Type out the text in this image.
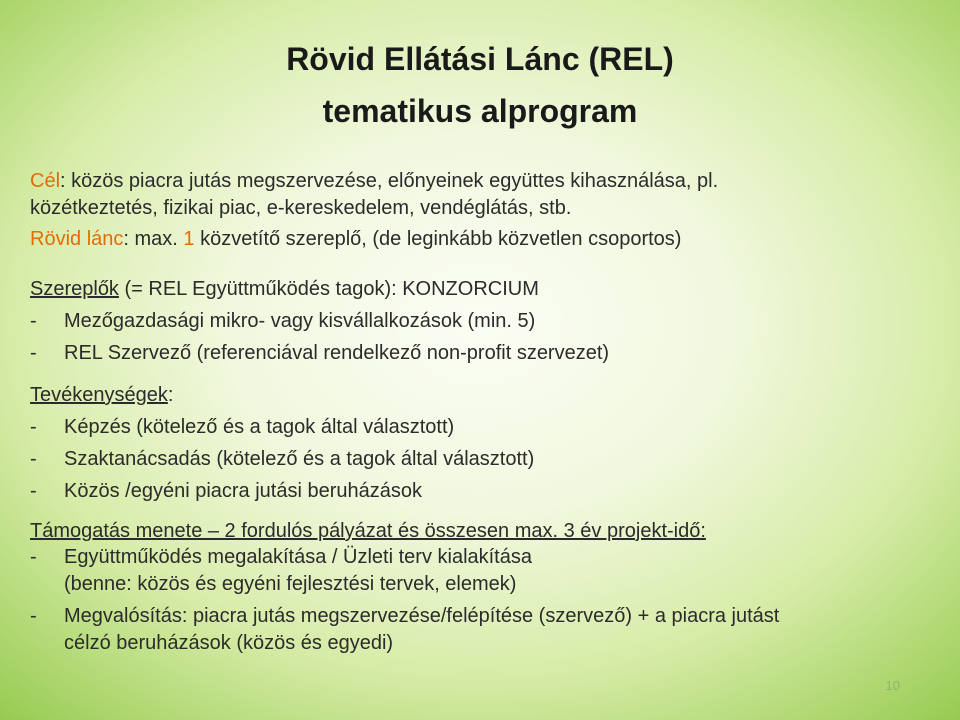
Rövid Ellátási Lánc (REL)
tematikus alprogram
Cél: közös piacra jutás megszervezése, előnyeinek együttes kihasználása, pl.
közétkeztetés, fizikai piac, e-kereskedelem, vendéglátás, stb.
Rövid lánc: max. 1 közvetítő szereplő, (de leginkább közvetlen csoportos)
Szereplők (= REL Együttműködés tagok): KONZORCIUM
- Mezőgazdasági mikro- vagy kisvállalkozások (min. 5)
- REL Szervező (referenciával rendelkező non-profit szervezet)
Tevékenységek:
- Képzés (kötelező és a tagok által választott)
- Szaktanácsadás (kötelező és a tagok által választott)
- Közös /egyéni piacra jutási beruházások
Támogatás menete – 2 fordulós pályázat és összesen max. 3 év projekt-idő:
- Együttműködés megalakítása / Üzleti terv kialakítása
(benne: közös és egyéni fejlesztési tervek, elemek)
- Megvalósítás: piacra jutás megszervezése/felépítése (szervező) + a piacra jutást
célzó beruházások (közös és egyedi)
10
